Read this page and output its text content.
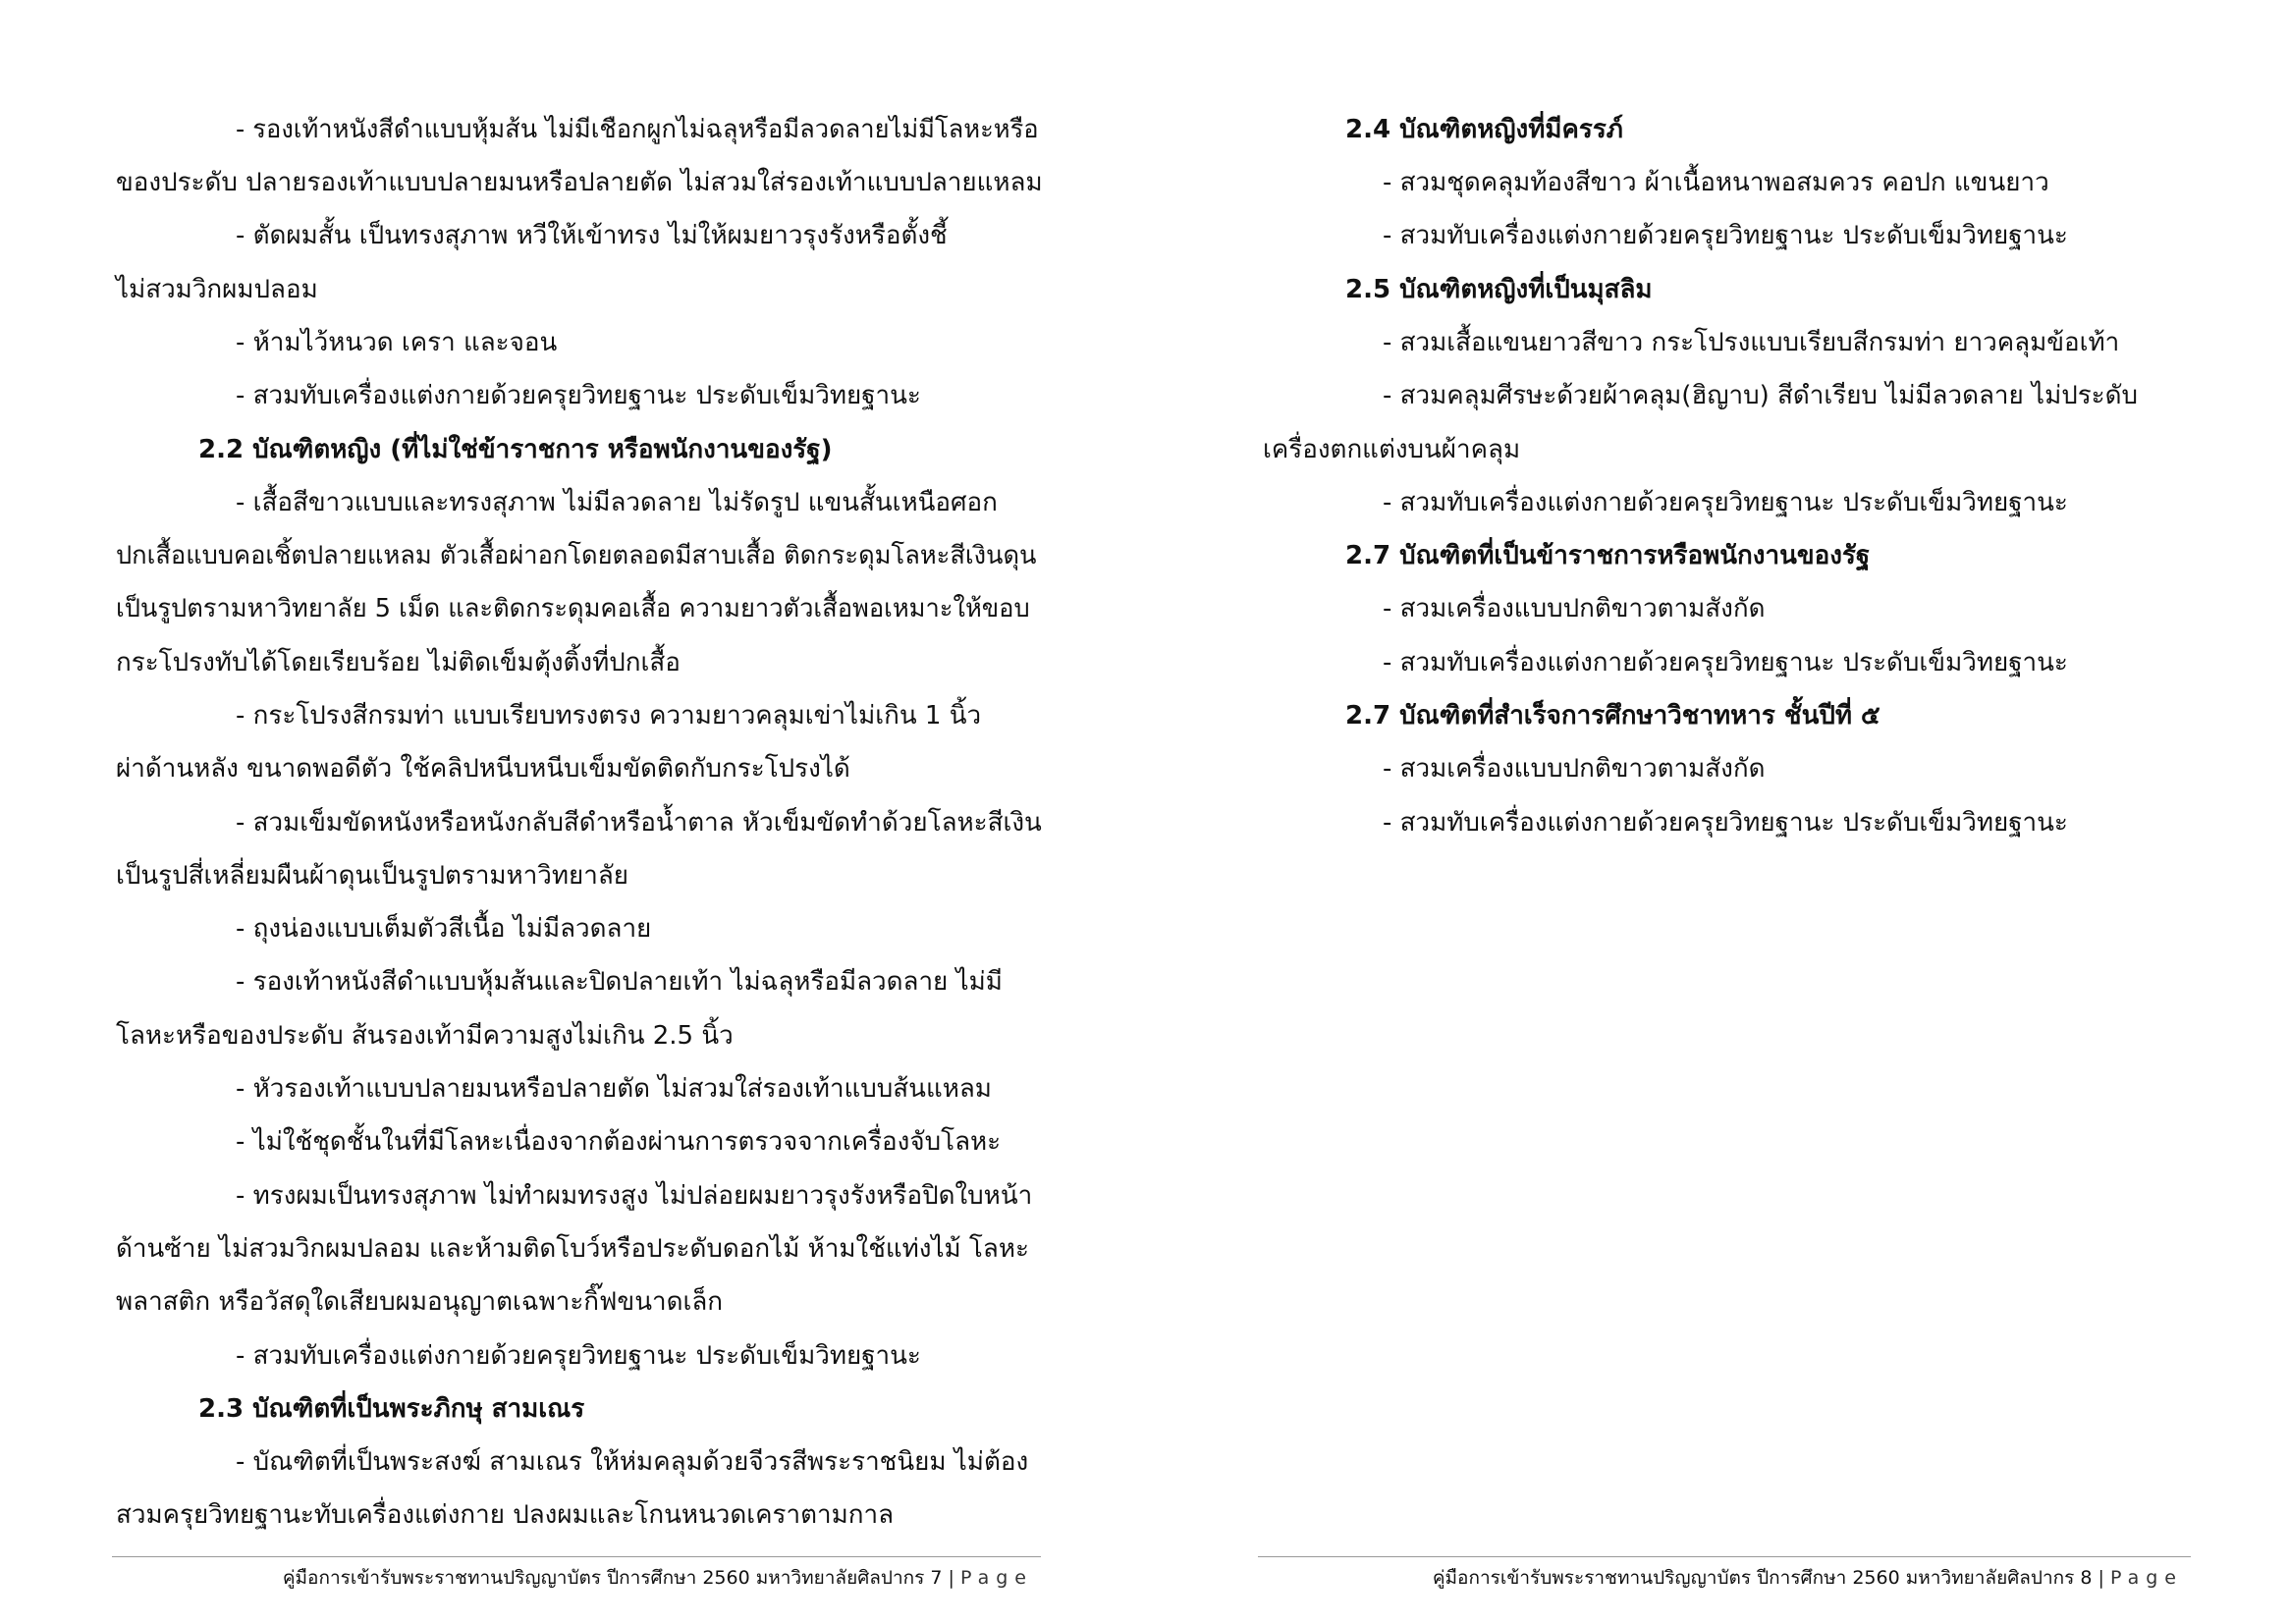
- รองเท้าหนังสีดำแบบหุ้มส้น ไม่มีเชือกผูกไม่ฉลุหรือมีลวดลายไม่มีโลหะหรือ

ของประดับ ปลายรองเท้าแบบปลายมนหรือปลายตัด ไม่สวมใส่รองเท้าแบบปลายแหลม

- ตัดผมสั้น เป็นทรงสุภาพ หวีให้เข้าทรง ไม่ให้ผมยาวรุงรังหรือตั้งชี้

ไม่สวมวิกผมปลอม

- ห้ามไว้หนวด เครา และจอน

- สวมทับเครื่องแต่งกายด้วยครุยวิทยฐานะ ประดับเข็มวิทยฐานะ

2.2 บัณฑิตหญิง (ที่ไม่ใช่ข้าราชการ หรือพนักงานของรัฐ)

- เสื้อสีขาวแบบและทรงสุภาพ ไม่มีลวดลาย ไม่รัดรูป แขนสั้นเหนือศอก

ปกเสื้อแบบคอเชิ้ตปลายแหลม ตัวเสื้อผ่าอกโดยตลอดมีสาบเสื้อ ติดกระดุมโลหะสีเงินดุน

เป็นรูปตรามหาวิทยาลัย 5 เม็ด และติดกระดุมคอเสื้อ ความยาวตัวเสื้อพอเหมาะให้ขอบ

กระโปรงทับได้โดยเรียบร้อย ไม่ติดเข็มตุ้งติ้งที่ปกเสื้อ

- กระโปรงสีกรมท่า แบบเรียบทรงตรง ความยาวคลุมเข่าไม่เกิน 1 นิ้ว

ผ่าด้านหลัง ขนาดพอดีตัว ใช้คลิปหนีบหนีบเข็มขัดติดกับกระโปรงได้

- สวมเข็มขัดหนังหรือหนังกลับสีดำหรือน้ำตาล หัวเข็มขัดทำด้วยโลหะสีเงิน

เป็นรูปสี่เหลี่ยมผืนผ้าดุนเป็นรูปตรามหาวิทยาลัย

- ถุงน่องแบบเต็มตัวสีเนื้อ ไม่มีลวดลาย

- รองเท้าหนังสีดำแบบหุ้มส้นและปิดปลายเท้า ไม่ฉลุหรือมีลวดลาย ไม่มี

โลหะหรือของประดับ ส้นรองเท้ามีความสูงไม่เกิน 2.5 นิ้ว

- หัวรองเท้าแบบปลายมนหรือปลายตัด ไม่สวมใส่รองเท้าแบบส้นแหลม

- ไม่ใช้ชุดชั้นในที่มีโลหะเนื่องจากต้องผ่านการตรวจจากเครื่องจับโลหะ

- ทรงผมเป็นทรงสุภาพ ไม่ทำผมทรงสูง ไม่ปล่อยผมยาวรุงรังหรือปิดใบหน้า

ด้านซ้าย ไม่สวมวิกผมปลอม และห้ามติดโบว์หรือประดับดอกไม้ ห้ามใช้แท่งไม้ โลหะ

พลาสติก หรือวัสดุใดเสียบผมอนุญาตเฉพาะกิ๊ฟขนาดเล็ก

- สวมทับเครื่องแต่งกายด้วยครุยวิทยฐานะ ประดับเข็มวิทยฐานะ

2.3 บัณฑิตที่เป็นพระภิกษุ สามเณร

- บัณฑิตที่เป็นพระสงฆ์ สามเณร ให้ห่มคลุมด้วยจีวรสีพระราชนิยม ไม่ต้อง

สวมครุยวิทยฐานะทับเครื่องแต่งกาย ปลงผมและโกนหนวดเคราตามกาล

คู่มือการเข้ารับพระราชทานปริญญาบัตร ปีการศึกษา 2560 มหาวิทยาลัยศิลปากร 7 | Page

2.4 บัณฑิตหญิงที่มีครรภ์

- สวมชุดคลุมท้องสีขาว ผ้าเนื้อหนาพอสมควร คอปก แขนยาว

- สวมทับเครื่องแต่งกายด้วยครุยวิทยฐานะ ประดับเข็มวิทยฐานะ

2.5 บัณฑิตหญิงที่เป็นมุสลิม

- สวมเสื้อแขนยาวสีขาว กระโปรงแบบเรียบสีกรมท่า ยาวคลุมข้อเท้า

- สวมคลุมศีรษะด้วยผ้าคลุม(ฮิญาบ) สีดำเรียบ ไม่มีลวดลาย ไม่ประดับ

เครื่องตกแต่งบนผ้าคลุม

- สวมทับเครื่องแต่งกายด้วยครุยวิทยฐานะ ประดับเข็มวิทยฐานะ

2.7 บัณฑิตที่เป็นข้าราชการหรือพนักงานของรัฐ

- สวมเครื่องแบบปกติขาวตามสังกัด

- สวมทับเครื่องแต่งกายด้วยครุยวิทยฐานะ ประดับเข็มวิทยฐานะ

2.7 บัณฑิตที่สำเร็จการศึกษาวิชาทหาร ชั้นปีที่ ๕

- สวมเครื่องแบบปกติขาวตามสังกัด

- สวมทับเครื่องแต่งกายด้วยครุยวิทยฐานะ ประดับเข็มวิทยฐานะ

คู่มือการเข้ารับพระราชทานปริญญาบัตร ปีการศึกษา 2560 มหาวิทยาลัยศิลปากร 8 | Page
